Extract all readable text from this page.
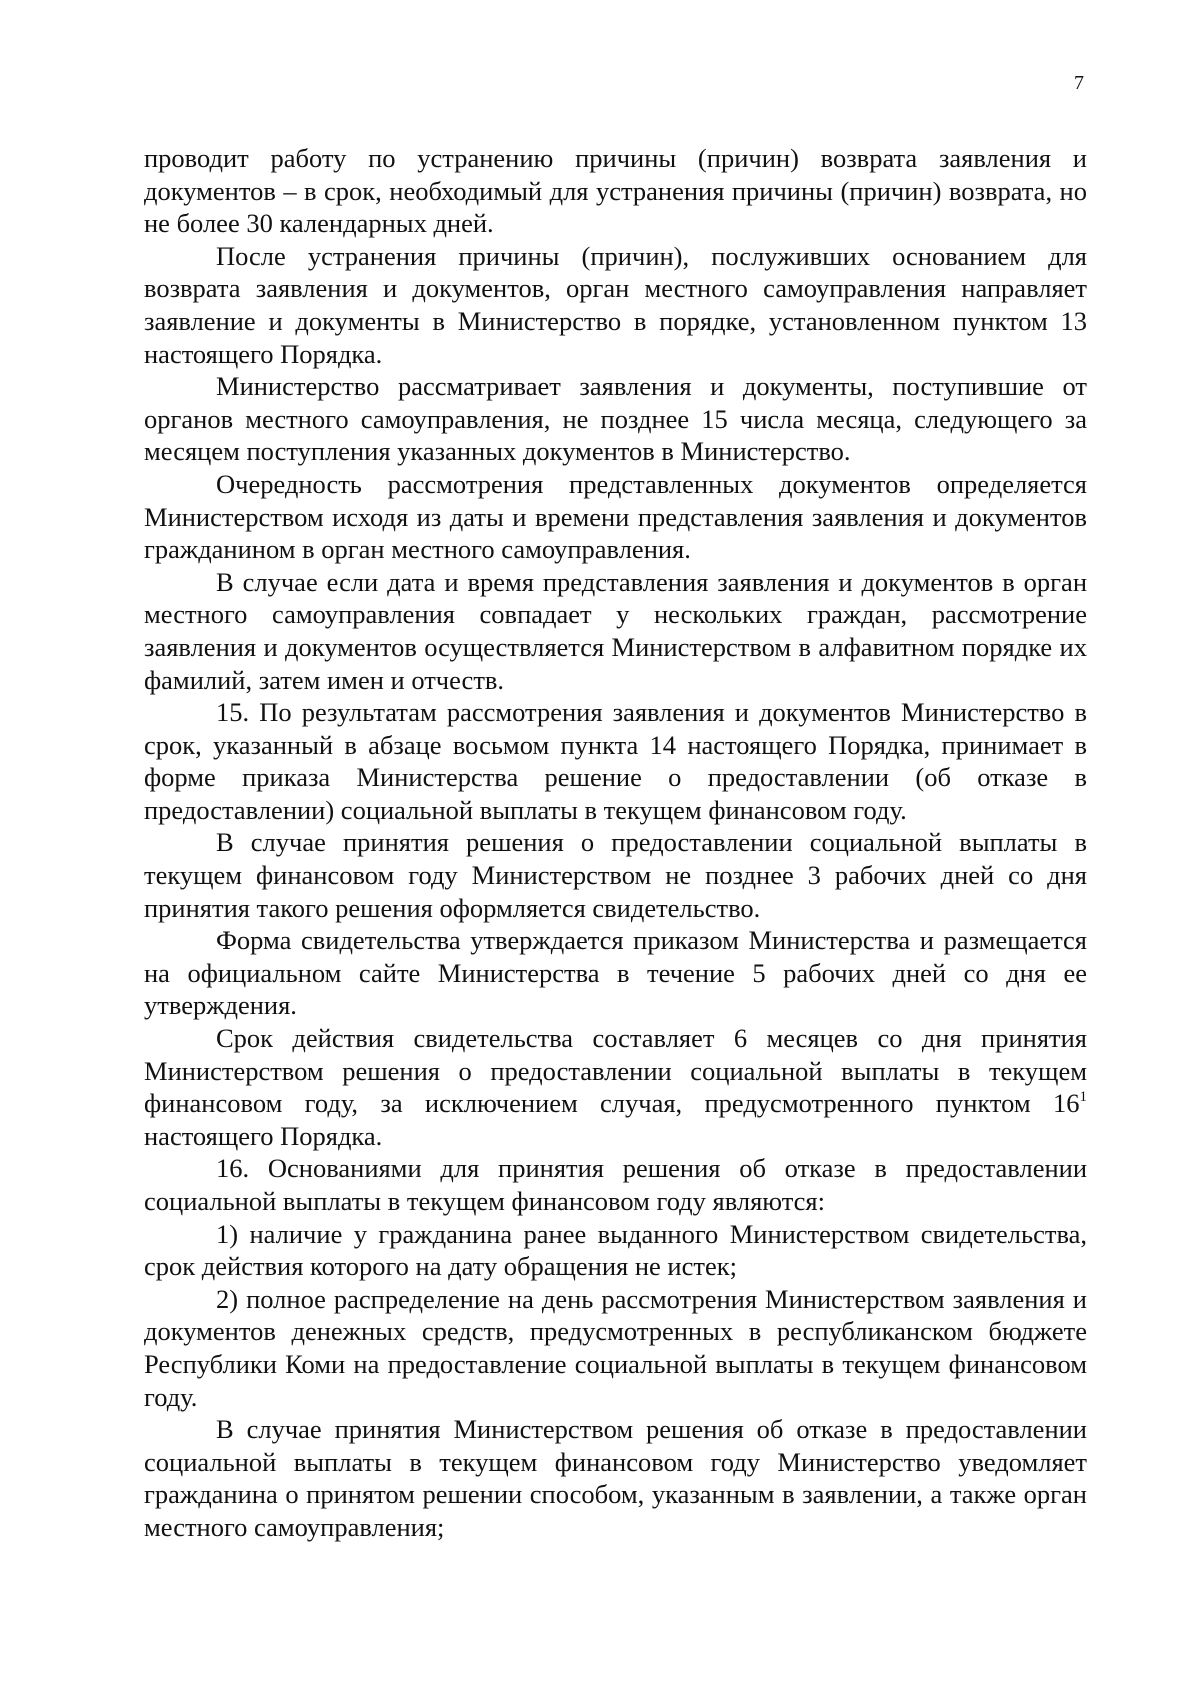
7

проводит работу по устранению причины (причин) возврата заявления и документов – в срок, необходимый для устранения причины (причин) возврата, но не более 30 календарных дней.

После устранения причины (причин), послуживших основанием для возврата заявления и документов, орган местного самоуправления направляет заявление и документы в Министерство в порядке, установленном пунктом 13 настоящего Порядка.

Министерство рассматривает заявления и документы, поступившие от органов местного самоуправления, не позднее 15 числа месяца, следующего за месяцем поступления указанных документов в Министерство.

Очередность рассмотрения представленных документов определяется Министерством исходя из даты и времени представления заявления и документов гражданином в орган местного самоуправления.

В случае если дата и время представления заявления и документов в орган местного самоуправления совпадает у нескольких граждан, рассмотрение заявления и документов осуществляется Министерством в алфавитном порядке их фамилий, затем имен и отчеств.

15. По результатам рассмотрения заявления и документов Министерство в срок, указанный в абзаце восьмом пункта 14 настоящего Порядка, принимает в форме приказа Министерства решение о предоставлении (об отказе в предоставлении) социальной выплаты в текущем финансовом году.

В случае принятия решения о предоставлении социальной выплаты в текущем финансовом году Министерством не позднее 3 рабочих дней со дня принятия такого решения оформляется свидетельство.

Форма свидетельства утверждается приказом Министерства и размещается на официальном сайте Министерства в течение 5 рабочих дней со дня ее утверждения.

Срок действия свидетельства составляет 6 месяцев со дня принятия Министерством решения о предоставлении социальной выплаты в текущем финансовом году, за исключением случая, предусмотренного пунктом $16^1$ настоящего Порядка.

16. Основаниями для принятия решения об отказе в предоставлении социальной выплаты в текущем финансовом году являются:

1) наличие у гражданина ранее выданного Министерством свидетельства, срок действия которого на дату обращения не истек;

2) полное распределение на день рассмотрения Министерством заявления и документов денежных средств, предусмотренных в республиканском бюджете Республики Коми на предоставление социальной выплаты в текущем финансовом году.

В случае принятия Министерством решения об отказе в предоставлении социальной выплаты в текущем финансовом году Министерство уведомляет гражданина о принятом решении способом, указанным в заявлении, а также орган местного самоуправления;
